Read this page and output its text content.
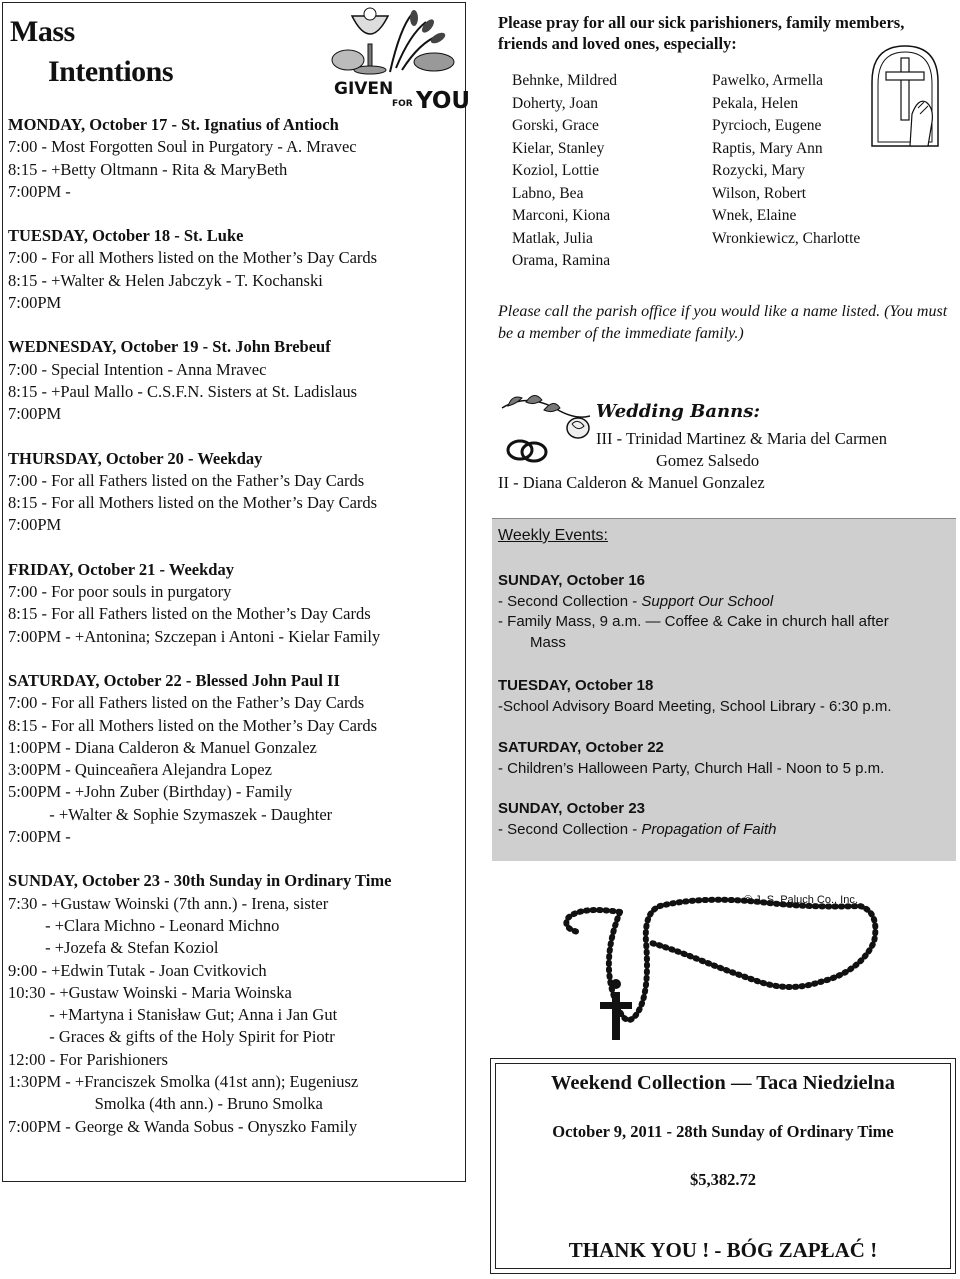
Mass
Intentions
GIVEN
FOR YOU
MONDAY, October 17 - St. Ignatius of Antioch
7:00 - Most Forgotten Soul in Purgatory - A. Mravec
8:15 - +Betty Oltmann - Rita & MaryBeth
7:00PM -
TUESDAY, October 18 - St. Luke
7:00 - For all Mothers listed on the Mother’s Day Cards
8:15 - +Walter & Helen Jabczyk - T. Kochanski
7:00PM
WEDNESDAY, October 19 - St. John Brebeuf
7:00 - Special Intention - Anna Mravec
8:15 - +Paul Mallo - C.S.F.N. Sisters at St. Ladislaus
7:00PM
THURSDAY, October 20 - Weekday
7:00 - For all Fathers listed on the Father’s Day Cards
8:15 - For all Mothers listed on the Mother’s Day Cards
7:00PM
FRIDAY, October 21 - Weekday
7:00 - For poor souls in purgatory
8:15 - For all Fathers listed on the Mother’s Day Cards
7:00PM - +Antonina; Szczepan i Antoni - Kielar Family
SATURDAY, October 22 - Blessed John Paul II
7:00 - For all Fathers listed on the Father’s Day Cards
8:15 - For all Mothers listed on the Mother’s Day Cards
1:00PM - Diana Calderon & Manuel Gonzalez
3:00PM - Quinceañera Alejandra Lopez
5:00PM - +John Zuber (Birthday) - Family
- +Walter & Sophie Szymaszek - Daughter
7:00PM -
SUNDAY, October 23 - 30th Sunday in Ordinary Time
7:30 - +Gustaw Woinski (7th ann.) - Irena, sister
- +Clara Michno - Leonard Michno
- +Jozefa & Stefan Koziol
9:00 - +Edwin Tutak - Joan Cvitkovich
10:30 - +Gustaw Woinski - Maria Woinska
- +Martyna i Stanisław Gut; Anna i Jan Gut
- Graces & gifts of the Holy Spirit for Piotr
12:00 - For Parishioners
1:30PM - +Franciszek Smolka (41st ann); Eugeniusz
Smolka (4th ann.) - Bruno Smolka
7:00PM - George & Wanda Sobus - Onyszko Family
Please pray for all our sick parishioners, family members, friends and loved ones, especially:
Behnke, Mildred
Doherty, Joan
Gorski, Grace
Kielar, Stanley
Koziol, Lottie
Labno, Bea
Marconi, Kiona
Matlak, Julia
Orama, Ramina
Pawelko, Armella
Pekala, Helen
Pyrcioch, Eugene
Raptis, Mary Ann
Rozycki, Mary
Wilson, Robert
Wnek, Elaine
Wronkiewicz, Charlotte
Please call the parish office if you would like a name listed. (You must be a member of the immediate family.)
Wedding Banns:
III - Trinidad Martinez & Maria del Carmen
Gomez Salsedo
II - Diana Calderon & Manuel Gonzalez
Weekly Events:
SUNDAY, October 16
- Second Collection - Support Our School
- Family Mass, 9 a.m. ― Coffee & Cake in church hall after
Mass
TUESDAY, October 18
-School Advisory Board Meeting, School Library - 6:30 p.m.
SATURDAY, October 22
- Children’s Halloween Party, Church Hall - Noon to 5 p.m.
SUNDAY, October 23
- Second Collection - Propagation of Faith
© J. S. Paluch Co., Inc.
Weekend Collection ― Taca Niedzielna
October 9, 2011 - 28th Sunday of Ordinary Time
$5,382.72
THANK YOU ! - BÓG ZAPŁAĆ !
